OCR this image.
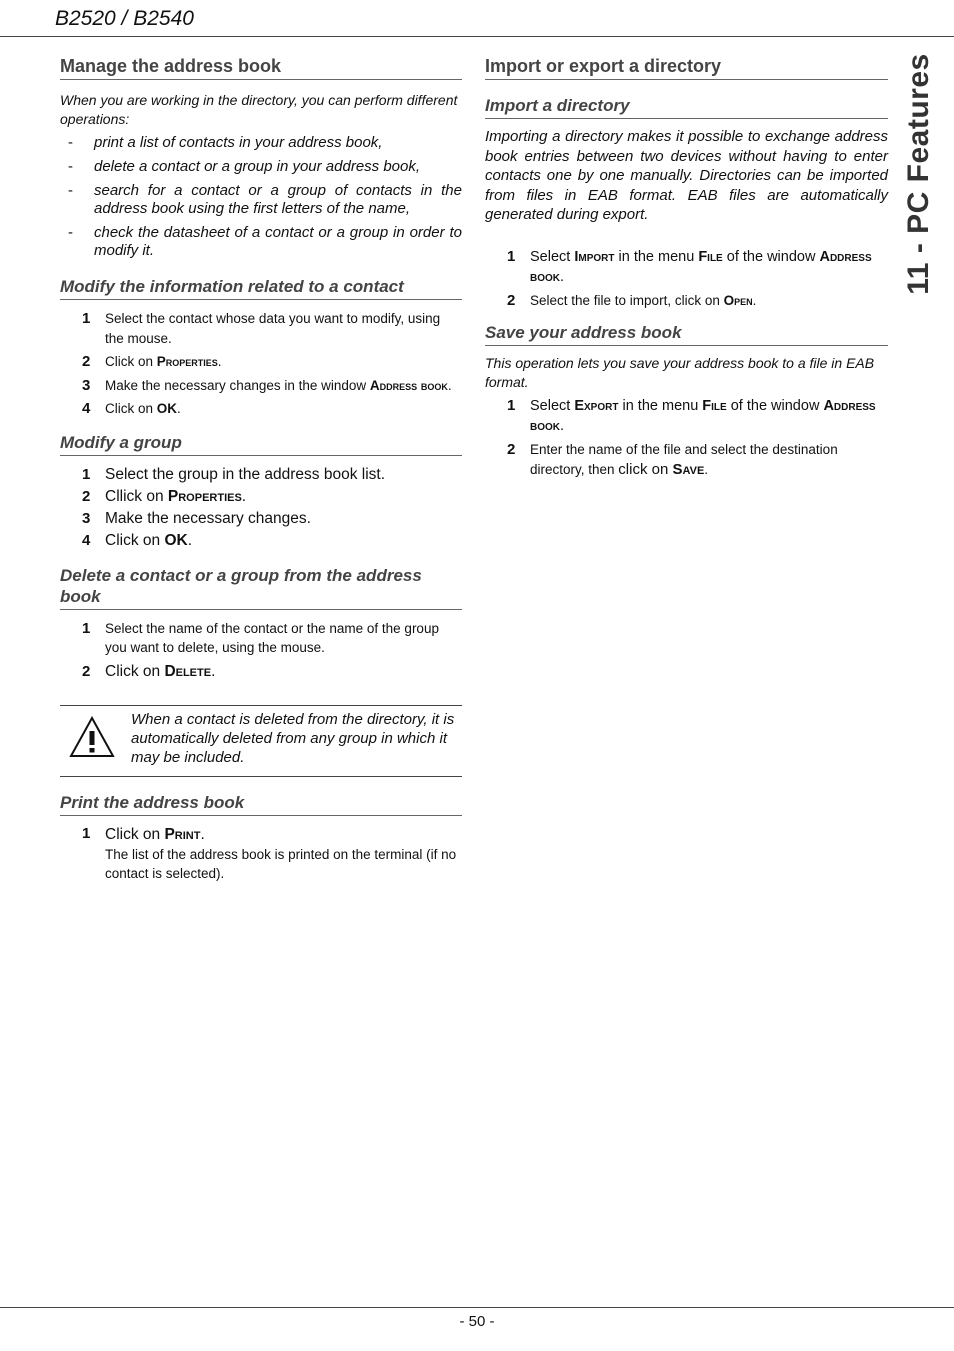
B2520 / B2540
11 - PC Features
Manage the address book

When you are working in the directory, you can perform different operations:

- print a list of contacts in your address book,
- delete a contact or a group in your address book,
- search for a contact or a group of contacts in the address book using the first letters of the name,
- check the datasheet of a contact or a group in order to modify it.
Modify the information related to a contact
1 Select the contact whose data you want to modify, using the mouse.
2 Click on Properties.
3 Make the necessary changes in the window Address book.
4 Click on OK.
Modify a group
1 Select the group in the address book list.
2 Cllick on Properties.
3 Make the necessary changes.
4 Click on OK.
Delete a contact or a group from the address book
1 Select the name of the contact or the name of the group you want to delete, using the mouse.
2 Click on Delete.
When a contact is deleted from the directory, it is automatically deleted from any group in which it may be included.
Print the address book
1 Click on Print.
The list of the address book is printed on the terminal (if no contact is selected).
Import or export a directory
Import a directory

Importing a directory makes it possible to exchange address book entries between two devices without having to enter contacts one by one manually. Directories can be imported from files in EAB format. EAB files are automatically generated during export.

1 Select Import in the menu File of the window Address book.
2 Select the file to import, click on Open.
Save your address book

This operation lets you save your address book to a file in EAB format.

1 Select Export in the menu File of the window Address book.
2 Enter the name of the file and select the destination directory, then click on Save.
- 50 -
